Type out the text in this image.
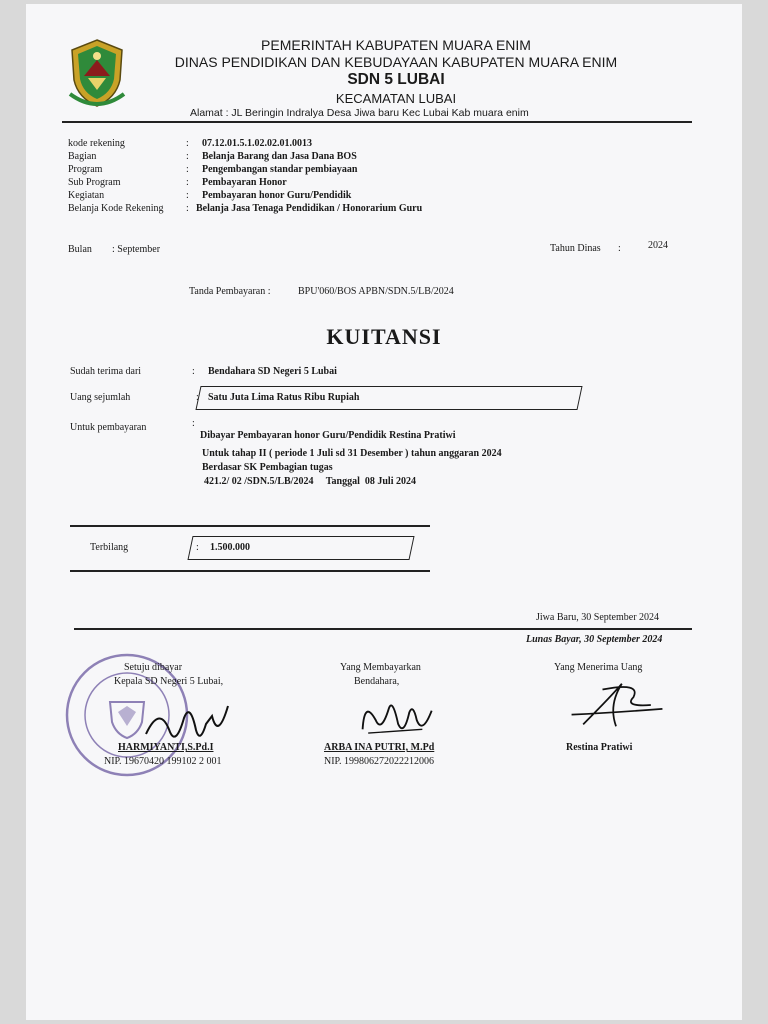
PEMERINTAH KABUPATEN MUARA ENIM
DINAS PENDIDIKAN DAN KEBUDAYAAN KABUPATEN MUARA ENIM
SDN 5 LUBAI
KECAMATAN LUBAI
Alamat : JL Beringin Indralya Desa Jiwa baru Kec Lubai Kab muara enim
kode rekening	: 07.12.01.5.1.02.02.01.0013
Bagian	: Belanja Barang dan Jasa Dana BOS
Program	: Pengembangan standar pembiayaan
Sub Program	: Pembayaran Honor
Kegiatan	: Pembayaran honor Guru/Pendidik
Belanja Kode Rekening : Belanja Jasa Tenaga Pendidikan / Honorarium Guru
Bulan : September	Tahun Dinas :	2024
Tanda Pembayaran :	BPU'060/BOS APBN/SDN.5/LB/2024
KUITANSI
Sudah terima dari	: Bendahara SD Negeri 5 Lubai
Uang sejumlah	: Satu Juta Lima Ratus Ribu Rupiah
Untuk pembayaran	:
Dibayar Pembayaran honor Guru/Pendidik Restina Pratiwi
Untuk tahap II ( periode 1 Juli sd 31 Desember ) tahun anggaran 2024
Berdasar SK Pembagian tugas
421.2/ 02 /SDN.5/LB/2024     Tanggal  08 Juli 2024
Terbilang	: 1.500.000
Jiwa Baru, 30 September 2024
Lunas Bayar, 30 September 2024
Setuju dibayar
Kepala SD Negeri 5 Lubai,
Yang Membayarkan
Bendahara,
Yang Menerima Uang
HARMIYANTI,S.Pd.I
NIP. 19670420 199102 2 001
ARBA INA PUTRI, M.Pd
NIP. 199806272022212006
Restina Pratiwi
